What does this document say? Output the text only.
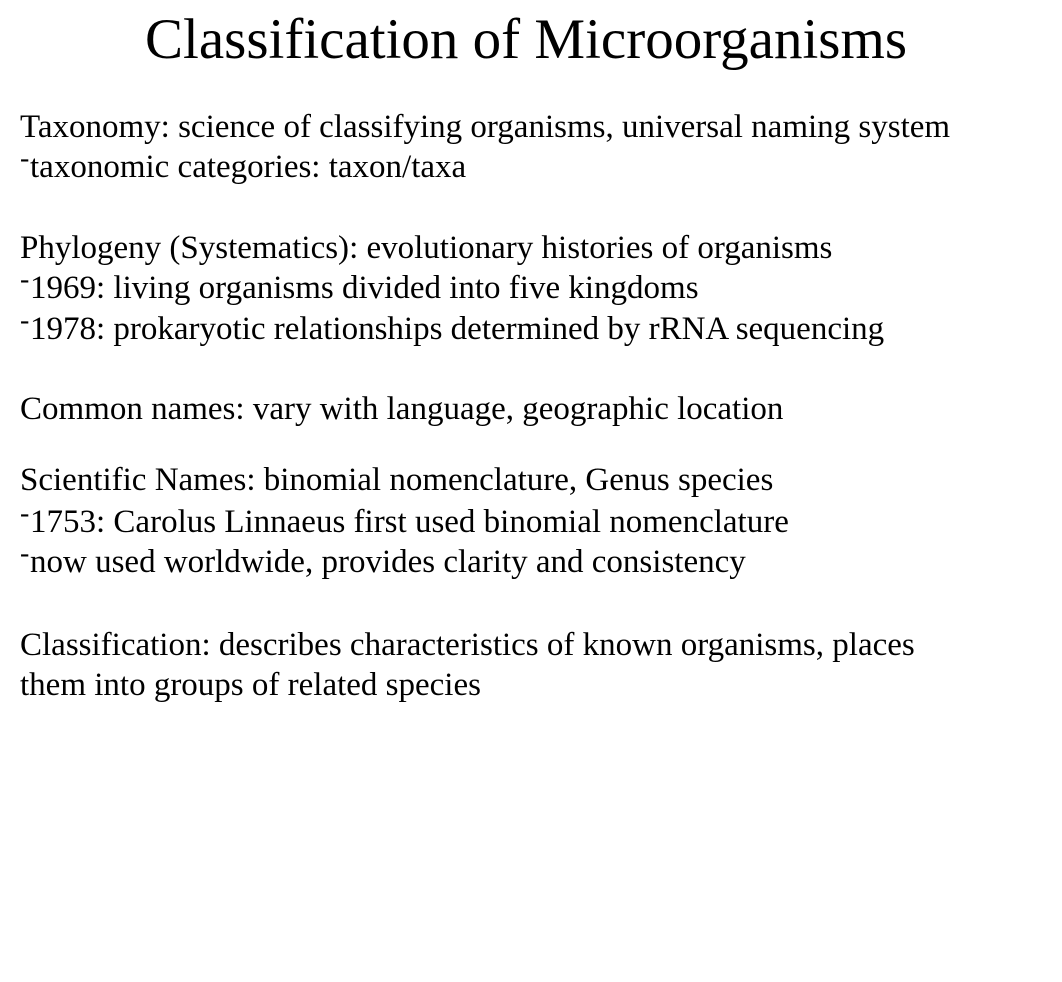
Classification of Microorganisms
Taxonomy: science of classifying organisms, universal naming system
-taxonomic categories: taxon/taxa
Phylogeny (Systematics): evolutionary histories of organisms
-1969: living organisms divided into five kingdoms
-1978: prokaryotic relationships determined by rRNA sequencing
Common names: vary with language, geographic location
Scientific Names: binomial nomenclature, Genus species
-1753: Carolus Linnaeus first used binomial nomenclature
-now used worldwide, provides clarity and consistency
Classification: describes characteristics of known organisms, places
them into groups of related species
